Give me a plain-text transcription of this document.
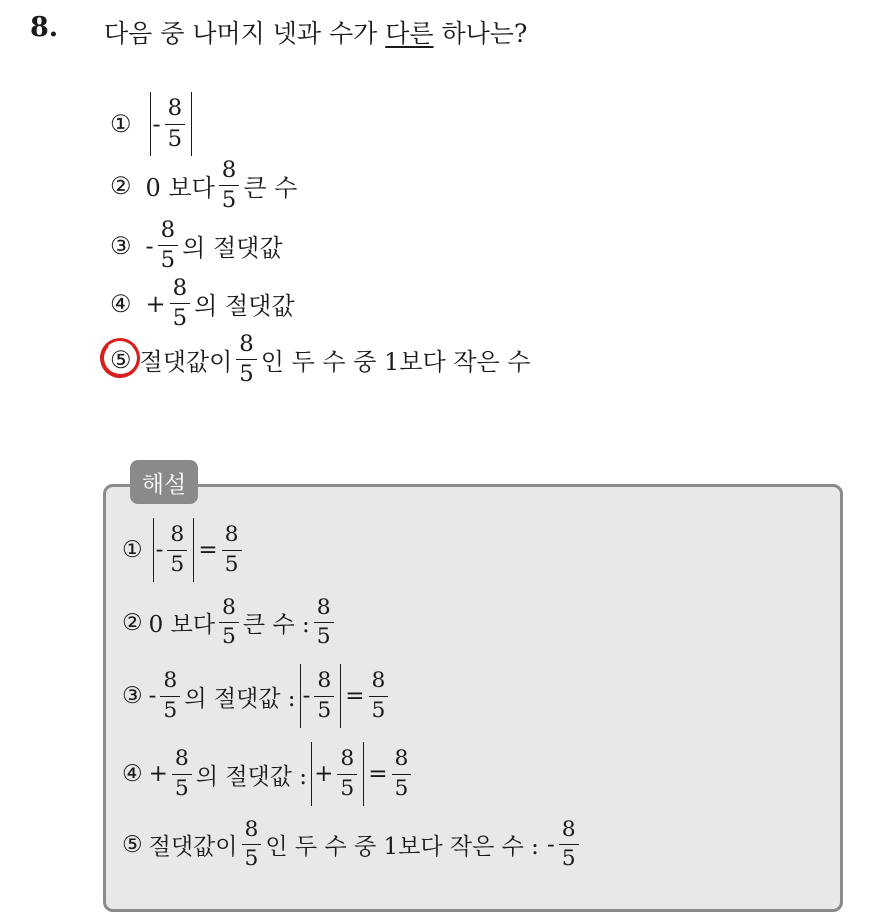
8. 다음 중 나머지 넷과 수가 다른 하나는?
① - $\frac{8}{5}$
② 0 보다 $\frac{8}{5}$ 큰 수
③ - $\frac{8}{5}$ 의 절댓값
④ + $\frac{8}{5}$ 의 절댓값
⑤ 절댓값이 $\frac{8}{5}$ 인 두 수 중 1보다 작은 수
해설
① - $\frac{8}{5} = \frac{8}{5}$
② 0 보다 $\frac{8}{5}$ 큰 수 : $\frac{8}{5}$
③ - $\frac{8}{5}$ 의 절댓값 : - $\frac{8}{5} = \frac{8}{5}$
④ + $\frac{8}{5}$ 의 절댓값 : + $\frac{8}{5} = \frac{8}{5}$
⑤ 절댓값이 $\frac{8}{5}$ 인 두 수 중 1보다 작은 수 : - $\frac{8}{5}$
